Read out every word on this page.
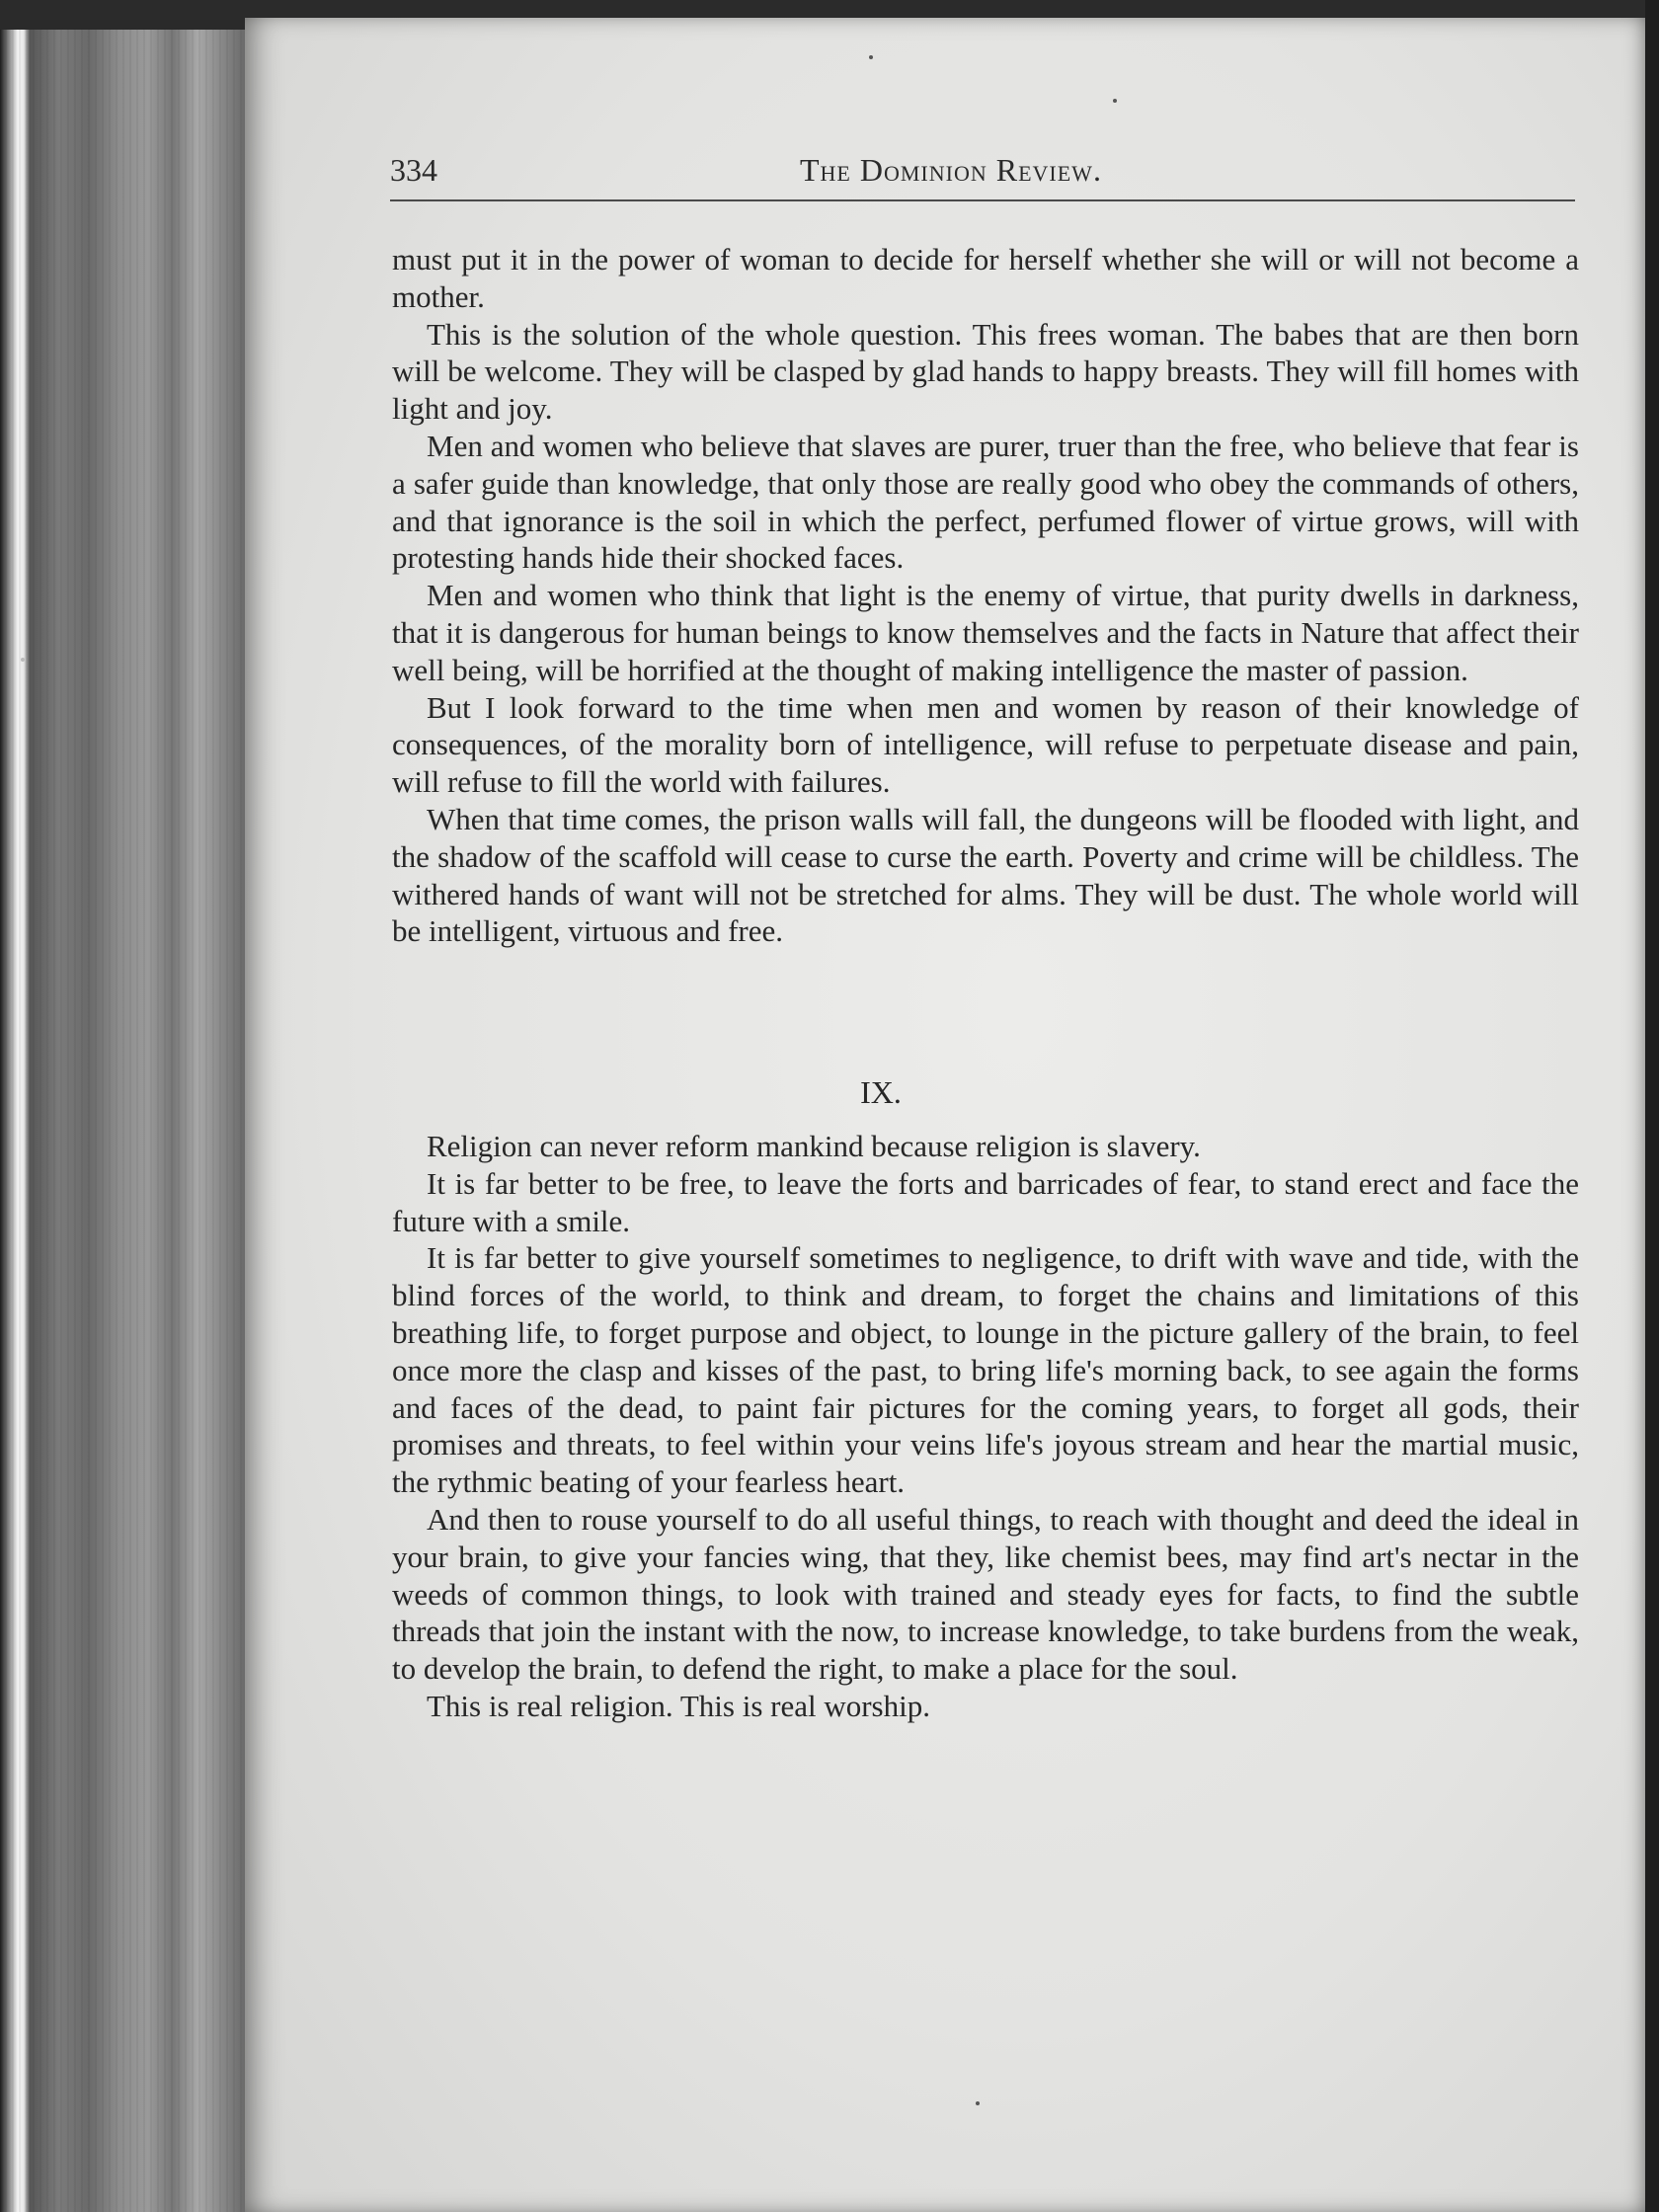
334	The Dominion Review.

must put it in the power of woman to decide for herself whether she will or will not become a mother.

This is the solution of the whole question. This frees woman. The babes that are then born will be welcome. They will be clasped by glad hands to happy breasts. They will fill homes with light and joy.

Men and women who believe that slaves are purer, truer than the free, who believe that fear is a safer guide than knowledge, that only those are really good who obey the commands of others, and that ignorance is the soil in which the perfect, perfumed flower of virtue grows, will with protesting hands hide their shocked faces.

Men and women who think that light is the enemy of virtue, that purity dwells in darkness, that it is dangerous for human beings to know themselves and the facts in Nature that affect their well being, will be horrified at the thought of making intelligence the master of passion.

But I look forward to the time when men and women by reason of their knowledge of consequences, of the morality born of intelligence, will refuse to perpetuate disease and pain, will refuse to fill the world with failures.

When that time comes, the prison walls will fall, the dungeons will be flooded with light, and the shadow of the scaffold will cease to curse the earth. Poverty and crime will be childless. The withered hands of want will not be stretched for alms. They will be dust. The whole world will be intelligent, virtuous and free.

IX.

Religion can never reform mankind because religion is slavery.

It is far better to be free, to leave the forts and barricades of fear, to stand erect and face the future with a smile.

It is far better to give yourself sometimes to negligence, to drift with wave and tide, with the blind forces of the world, to think and dream, to forget the chains and limitations of this breathing life, to forget purpose and object, to lounge in the picture gallery of the brain, to feel once more the clasp and kisses of the past, to bring life's morning back, to see again the forms and faces of the dead, to paint fair pictures for the coming years, to forget all gods, their promises and threats, to feel within your veins life's joyous stream and hear the martial music, the rythmic beating of your fearless heart.

And then to rouse yourself to do all useful things, to reach with thought and deed the ideal in your brain, to give your fancies wing, that they, like chemist bees, may find art's nectar in the weeds of common things, to look with trained and steady eyes for facts, to find the subtle threads that join the instant with the now, to increase knowledge, to take burdens from the weak, to develop the brain, to defend the right, to make a place for the soul.

This is real religion. This is real worship.
